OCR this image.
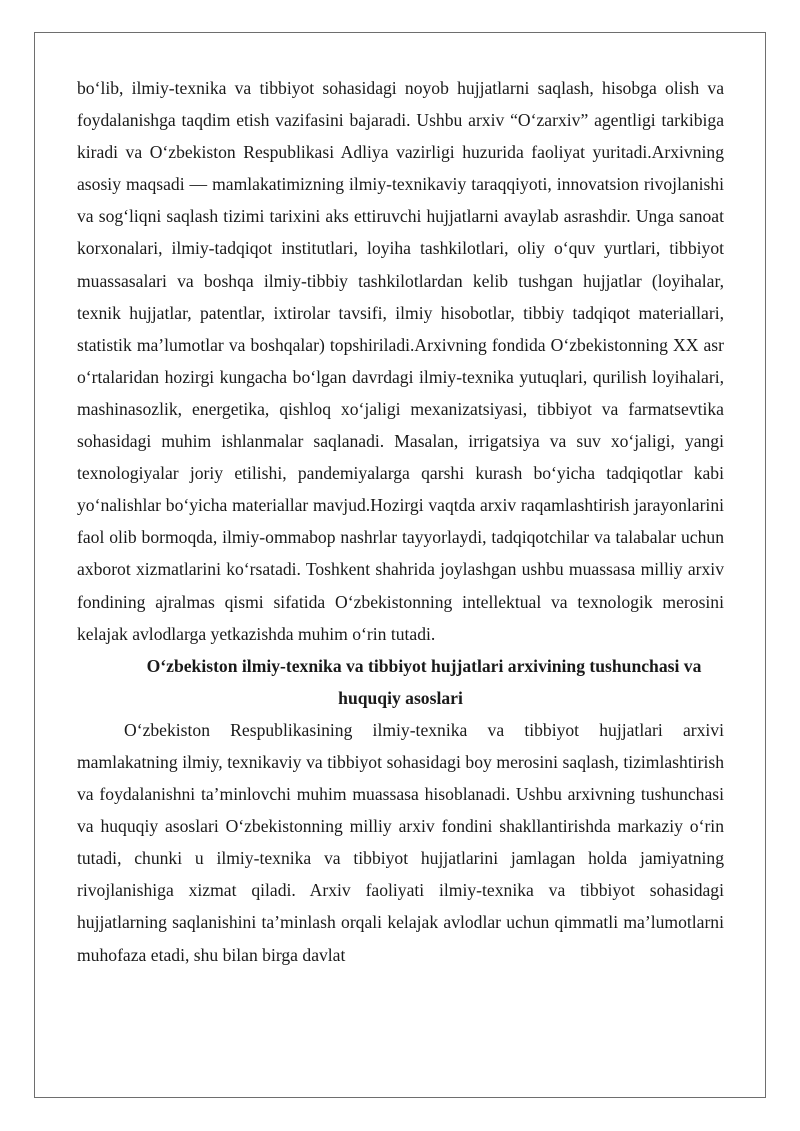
bo‘lib, ilmiy-texnika va tibbiyot sohasidagi noyob hujjatlarni saqlash, hisobga olish va foydalanishga taqdim etish vazifasini bajaradi. Ushbu arxiv “O‘zarxiv” agentligi tarkibiga kiradi va O‘zbekiston Respublikasi Adliya vazirligi huzurida faoliyat yuritadi.Arxivning asosiy maqsadi — mamlakatimizning ilmiy-texnikaviy taraqqiyoti, innovatsion rivojlanishi va sog‘liqni saqlash tizimi tarixini aks ettiruvchi hujjatlarni avaylab asrashdir. Unga sanoat korxonalari, ilmiy-tadqiqot institutlari, loyiha tashkilotlari, oliy o‘quv yurtlari, tibbiyot muassasalari va boshqa ilmiy-tibbiy tashkilotlardan kelib tushgan hujjatlar (loyihalar, texnik hujjatlar, patentlar, ixtirolar tavsifi, ilmiy hisobotlar, tibbiy tadqiqot materiallari, statistik ma’lumotlar va boshqalar) topshiriladi.Arxivning fondida O‘zbekistonning XX asr o‘rtalaridan hozirgi kungacha bo‘lgan davrdagi ilmiy-texnika yutuqlari, qurilish loyihalari, mashinasozlik, energetika, qishloq xo‘jaligi mexanizatsiyasi, tibbiyot va farmatsevtika sohasidagi muhim ishlanmalar saqlanadi. Masalan, irrigatsiya va suv xo‘jaligi, yangi texnologiyalar joriy etilishi, pandemiyalarga qarshi kurash bo‘yicha tadqiqotlar kabi yo‘nalishlar bo‘yicha materiallar mavjud.Hozirgi vaqtda arxiv raqamlashtirish jarayonlarini faol olib bormoqda, ilmiy-ommabop nashrlar tayyorlaydi, tadqiqotchilar va talabalar uchun axborot xizmatlarini ko‘rsatadi. Toshkent shahrida joylashgan ushbu muassasa milliy arxiv fondining ajralmas qismi sifatida O‘zbekistonning intellektual va texnologik merosini kelajak avlodlarga yetkazishda muhim o‘rin tutadi.

O‘zbekiston ilmiy-texnika va tibbiyot hujjatlari arxivining tushunchasi va huquqiy asoslari

O‘zbekiston Respublikasining ilmiy-texnika va tibbiyot hujjatlari arxivi mamlakatning ilmiy, texnikaviy va tibbiyot sohasidagi boy merosini saqlash, tizimlashtirish va foydalanishni ta’minlovchi muhim muassasa hisoblanadi. Ushbu arxivning tushunchasi va huquqiy asoslari O‘zbekistonning milliy arxiv fondini shakllantirishda markaziy o‘rin tutadi, chunki u ilmiy-texnika va tibbiyot hujjatlarini jamlagan holda jamiyatning rivojlanishiga xizmat qiladi. Arxiv faoliyati ilmiy-texnika va tibbiyot sohasidagi hujjatlarning saqlanishini ta’minlash orqali kelajak avlodlar uchun qimmatli ma’lumotlarni muhofaza etadi, shu bilan birga davlat
